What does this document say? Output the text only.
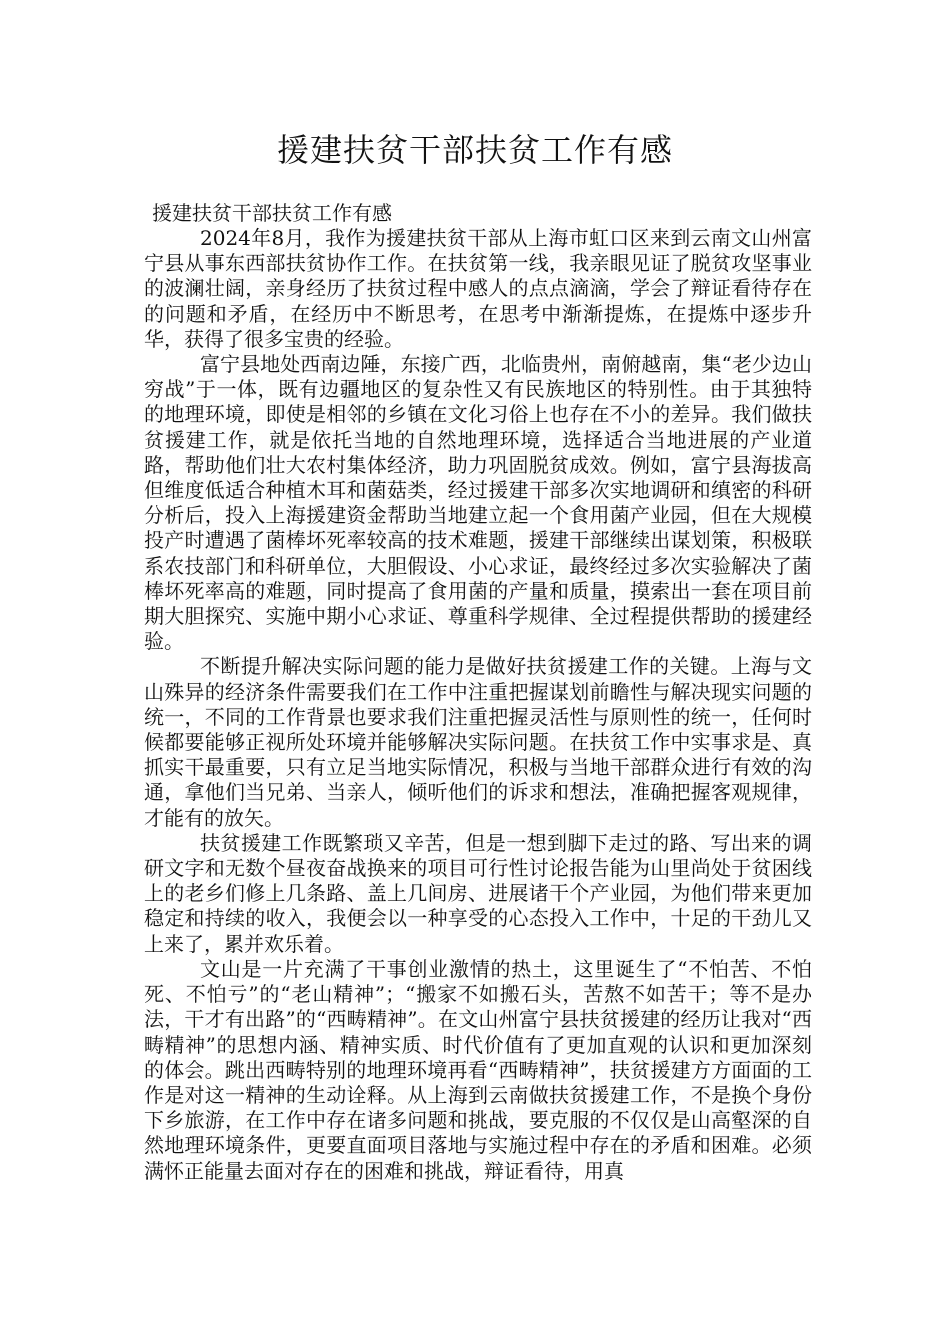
援建扶贫干部扶贫工作有感
援建扶贫干部扶贫工作有感

2024年8月，我作为援建扶贫干部从上海市虹口区来到云南文山州富宁县从事东西部扶贫协作工作。在扶贫第一线，我亲眼见证了脱贫攻坚事业的波澜壮阔，亲身经历了扶贫过程中感人的点点滴滴，学会了辩证看待存在的问题和矛盾，在经历中不断思考，在思考中渐渐提炼，在提炼中逐步升华，获得了很多宝贵的经验。

富宁县地处西南边陲，东接广西，北临贵州，南俯越南，集“老少边山穷战”于一体，既有边疆地区的复杂性又有民族地区的特别性。由于其独特的地理环境，即使是相邻的乡镇在文化习俗上也存在不小的差异。我们做扶贫援建工作，就是依托当地的自然地理环境，选择适合当地进展的产业道路，帮助他们壮大农村集体经济，助力巩固脱贫成效。例如，富宁县海拔高但维度低适合种植木耳和菌菇类，经过援建干部多次实地调研和缜密的科研分析后，投入上海援建资金帮助当地建立起一个食用菌产业园，但在大规模投产时遭遇了菌棒坏死率较高的技术难题，援建干部继续出谋划策，积极联系农技部门和科研单位，大胆假设、小心求证，最终经过多次实验解决了菌棒坏死率高的难题，同时提高了食用菌的产量和质量，摸索出一套在项目前期大胆探究、实施中期小心求证、尊重科学规律、全过程提供帮助的援建经验。

不断提升解决实际问题的能力是做好扶贫援建工作的关键。上海与文山殊异的经济条件需要我们在工作中注重把握谋划前瞻性与解决现实问题的统一，不同的工作背景也要求我们注重把握灵活性与原则性的统一，任何时候都要能够正视所处环境并能够解决实际问题。在扶贫工作中实事求是、真抓实干最重要，只有立足当地实际情况，积极与当地干部群众进行有效的沟通，拿他们当兄弟、当亲人，倾听他们的诉求和想法，准确把握客观规律，才能有的放矢。

扶贫援建工作既繁琐又辛苦，但是一想到脚下走过的路、写出来的调研文字和无数个昼夜奋战换来的项目可行性讨论报告能为山里尚处于贫困线上的老乡们修上几条路、盖上几间房、进展诸干个产业园，为他们带来更加稳定和持续的收入，我便会以一种享受的心态投入工作中，十足的干劲儿又上来了，累并欢乐着。

文山是一片充满了干事创业激情的热土，这里诞生了“不怕苦、不怕死、不怕亏”的“老山精神”；“搬家不如搬石头，苦熬不如苦干；等不是办法，干才有出路”的“西畴精神”。在文山州富宁县扶贫援建的经历让我对“西畴精神”的思想内涵、精神实质、时代价值有了更加直观的认识和更加深刻的体会。跳出西畴特别的地理环境再看“西畴精神”，扶贫援建方方面面的工作是对这一精神的生动诠释。从上海到云南做扶贫援建工作，不是换个身份下乡旅游，在工作中存在诸多问题和挑战，要克服的不仅仅是山高壑深的自然地理环境条件，更要直面项目落地与实施过程中存在的矛盾和困难。必须满怀正能量去面对存在的困难和挑战，辩证看待，用真
